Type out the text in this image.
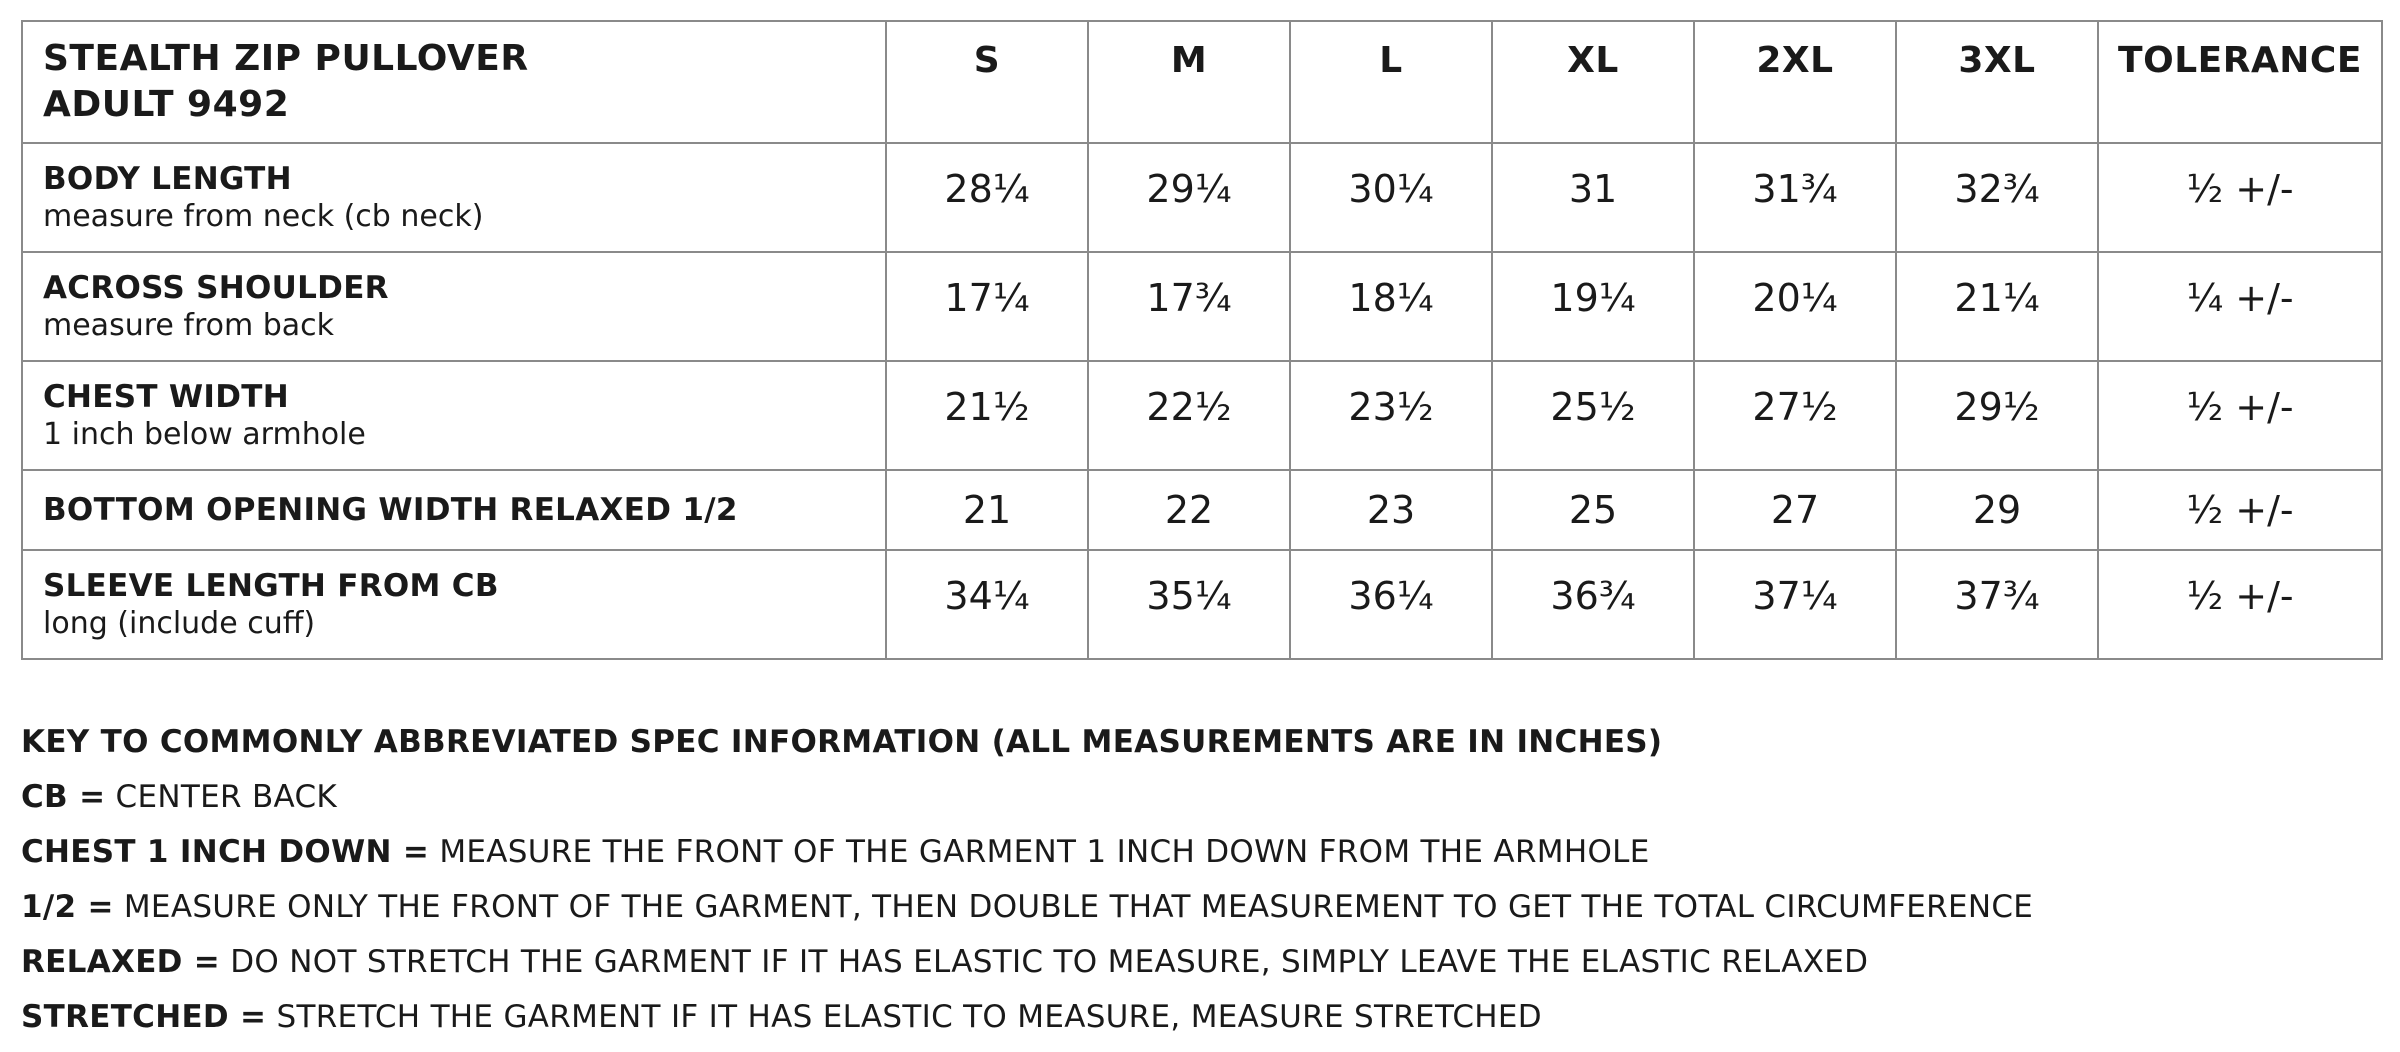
STEALTH ZIP PULLOVER
ADULT 9492	S	M	L	XL	2XL	3XL	TOLERANCE

BODY LENGTH
measure from neck (cb neck)	28¼	29¼	30¼	31	31¾	32¾	½ +/-

ACROSS SHOULDER
measure from back	17¼	17¾	18¼	19¼	20¼	21¼	¼ +/-

CHEST WIDTH
1 inch below armhole	21½	22½	23½	25½	27½	29½	½ +/-

BOTTOM OPENING WIDTH RELAXED 1/2	21	22	23	25	27	29	½ +/-

SLEEVE LENGTH FROM CB
long (include cuff)	34¼	35¼	36¼	36¾	37¼	37¾	½ +/-
KEY TO COMMONLY ABBREVIATED SPEC INFORMATION (ALL MEASUREMENTS ARE IN INCHES)
CB = CENTER BACK
CHEST 1 INCH DOWN = MEASURE THE FRONT OF THE GARMENT 1 INCH DOWN FROM THE ARMHOLE
1/2 = MEASURE ONLY THE FRONT OF THE GARMENT, THEN DOUBLE THAT MEASUREMENT TO GET THE TOTAL CIRCUMFERENCE
RELAXED = DO NOT STRETCH THE GARMENT IF IT HAS ELASTIC TO MEASURE, SIMPLY LEAVE THE ELASTIC RELAXED
STRETCHED = STRETCH THE GARMENT IF IT HAS ELASTIC TO MEASURE, MEASURE STRETCHED
